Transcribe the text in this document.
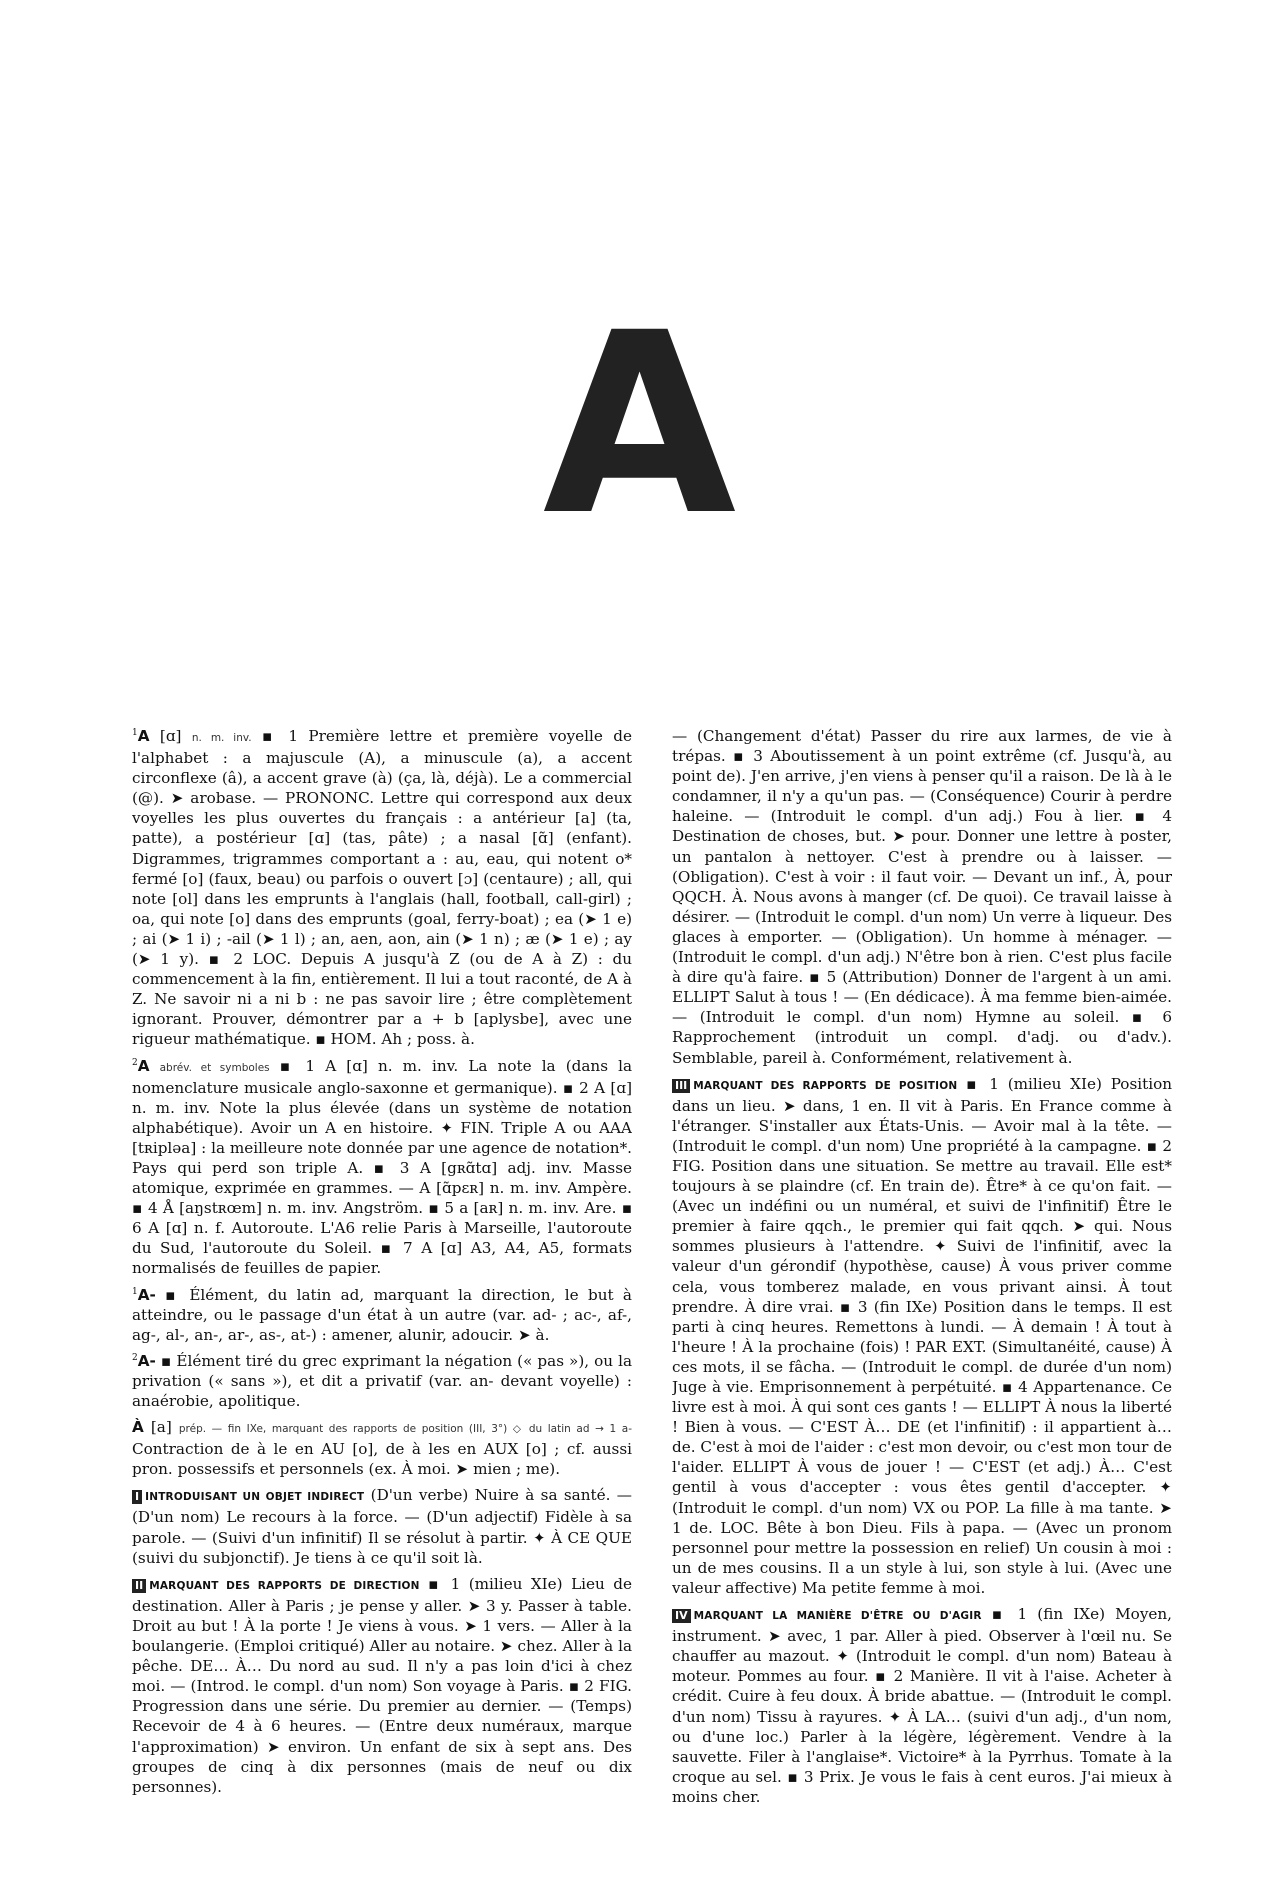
A
$^1$A [ɑ] n. m. inv. ▪ 1 Première lettre et première voyelle de l'alphabet : a majuscule (A), a minuscule (a), a accent circonflexe (â), a accent grave (à) (ça, là, déjà). Le a commercial (@). ➤ arobase. — PRONONC. Lettre qui correspond aux deux voyelles les plus ouvertes du français : a antérieur [a] (ta, patte), a postérieur [ɑ] (tas, pâte) ; a nasal [ɑ̃] (enfant). Digrammes, trigrammes comportant a : au, eau, qui notent o* fermé [o] (faux, beau) ou parfois o ouvert [ɔ] (centaure) ; all, qui note [ol] dans les emprunts à l'anglais (hall, football, call-girl) ; oa, qui note [o] dans des emprunts (goal, ferry-boat) ; ea (➤ 1 e) ; ai (➤ 1 i) ; -ail (➤ 1 l) ; an, aen, aon, ain (➤ 1 n) ; æ (➤ 1 e) ; ay (➤ 1 y). ▪ 2 LOC. Depuis A jusqu'à Z (ou de A à Z) : du commencement à la fin, entièrement. Il lui a tout raconté, de A à Z. Ne savoir ni a ni b : ne pas savoir lire ; être complètement ignorant. Prouver, démontrer par a + b [aplysbe], avec une rigueur mathématique. ▪ HOM. Ah ; poss. à.
$^2$A abrév. et symboles ▪ 1 A [ɑ] n. m. inv. La note la (dans la nomenclature musicale anglo-saxonne et germanique). ▪ 2 A [ɑ] n. m. inv. Note la plus élevée (dans un système de notation alphabétique). Avoir un A en histoire. ✦ FIN. Triple A ou AAA [tʀipləa] : la meilleure note donnée par une agence de notation*. Pays qui perd son triple A. ▪ 3 A [gʀɑ̃tɑ] adj. inv. Masse atomique, exprimée en grammes. — A [ɑ̃pɛʀ] n. m. inv. Ampère. ▪ 4 Å [aŋstʀœm] n. m. inv. Angström. ▪ 5 a [aʀ] n. m. inv. Are. ▪ 6 A [ɑ] n. f. Autoroute. L'A6 relie Paris à Marseille, l'autoroute du Sud, l'autoroute du Soleil. ▪ 7 A [ɑ] A3, A4, A5, formats normalisés de feuilles de papier.
$^1$A- ▪ Élément, du latin ad, marquant la direction, le but à atteindre, ou le passage d'un état à un autre (var. ad- ; ac-, af-, ag-, al-, an-, ar-, as-, at-) : amener, alunir, adoucir. ➤ à.
$^2$A- ▪ Élément tiré du grec exprimant la négation (« pas »), ou la privation (« sans »), et dit a privatif (var. an- devant voyelle) : anaérobie, apolitique.
À [a] prép. — fin IXe, marquant des rapports de position (III, 3°) ◇ du latin ad → 1 a- Contraction de à le en AU [o], de à les en AUX [o] ; cf. aussi pron. possessifs et personnels (ex. À moi. ➤ mien ; me).
I INTRODUISANT UN OBJET INDIRECT (D'un verbe) Nuire à sa santé. — (D'un nom) Le recours à la force. — (D'un adjectif) Fidèle à sa parole. — (Suivi d'un infinitif) Il se résolut à partir. ✦ À CE QUE (suivi du subjonctif). Je tiens à ce qu'il soit là.
II MARQUANT DES RAPPORTS DE DIRECTION ▪ 1 (milieu XIe) Lieu de destination. Aller à Paris ; je pense y aller. ➤ 3 y. Passer à table. Droit au but ! À la porte ! Je viens à vous. ➤ 1 vers. — Aller à la boulangerie. (Emploi critiqué) Aller au notaire. ➤ chez. Aller à la pêche. DE… À… Du nord au sud. Il n'y a pas loin d'ici à chez moi. — (Introd. le compl. d'un nom) Son voyage à Paris. ▪ 2 FIG. Progression dans une série. Du premier au dernier. — (Temps) Recevoir de 4 à 6 heures. — (Entre deux numéraux, marque l'approximation) ➤ environ. Un enfant de six à sept ans. Des groupes de cinq à dix personnes (mais de neuf ou dix personnes).
— (Changement d'état) Passer du rire aux larmes, de vie à trépas. ▪ 3 Aboutissement à un point extrême (cf. Jusqu'à, au point de). J'en arrive, j'en viens à penser qu'il a raison. De là à le condamner, il n'y a qu'un pas. — (Conséquence) Courir à perdre haleine. — (Introduit le compl. d'un adj.) Fou à lier. ▪ 4 Destination de choses, but. ➤ pour. Donner une lettre à poster, un pantalon à nettoyer. C'est à prendre ou à laisser. — (Obligation). C'est à voir : il faut voir. — Devant un inf., À, pour QQCH. À. Nous avons à manger (cf. De quoi). Ce travail laisse à désirer. — (Introduit le compl. d'un nom) Un verre à liqueur. Des glaces à emporter. — (Obligation). Un homme à ménager. — (Introduit le compl. d'un adj.) N'être bon à rien. C'est plus facile à dire qu'à faire. ▪ 5 (Attribution) Donner de l'argent à un ami. ELLIPT Salut à tous ! — (En dédicace). À ma femme bien-aimée. — (Introduit le compl. d'un nom) Hymne au soleil. ▪ 6 Rapprochement (introduit un compl. d'adj. ou d'adv.). Semblable, pareil à. Conformément, relativement à.
III MARQUANT DES RAPPORTS DE POSITION ▪ 1 (milieu XIe) Position dans un lieu. ➤ dans, 1 en. Il vit à Paris. En France comme à l'étranger. S'installer aux États-Unis. — Avoir mal à la tête. — (Introduit le compl. d'un nom) Une propriété à la campagne. ▪ 2 FIG. Position dans une situation. Se mettre au travail. Elle est* toujours à se plaindre (cf. En train de). Être* à ce qu'on fait. — (Avec un indéfini ou un numéral, et suivi de l'infinitif) Être le premier à faire qqch., le premier qui fait qqch. ➤ qui. Nous sommes plusieurs à l'attendre. ✦ Suivi de l'infinitif, avec la valeur d'un gérondif (hypothèse, cause) À vous priver comme cela, vous tomberez malade, en vous privant ainsi. À tout prendre. À dire vrai. ▪ 3 (fin IXe) Position dans le temps. Il est parti à cinq heures. Remettons à lundi. — À demain ! À tout à l'heure ! À la prochaine (fois) ! PAR EXT. (Simultanéité, cause) À ces mots, il se fâcha. — (Introduit le compl. de durée d'un nom) Juge à vie. Emprisonnement à perpétuité. ▪ 4 Appartenance. Ce livre est à moi. À qui sont ces gants ! — ELLIPT À nous la liberté ! Bien à vous. — C'EST À… DE (et l'infinitif) : il appartient à… de. C'est à moi de l'aider : c'est mon devoir, ou c'est mon tour de l'aider. ELLIPT À vous de jouer ! — C'EST (et adj.) À… C'est gentil à vous d'accepter : vous êtes gentil d'accepter. ✦ (Introduit le compl. d'un nom) VX ou POP. La fille à ma tante. ➤ 1 de. LOC. Bête à bon Dieu. Fils à papa. — (Avec un pronom personnel pour mettre la possession en relief) Un cousin à moi : un de mes cousins. Il a un style à lui, son style à lui. (Avec une valeur affective) Ma petite femme à moi.
IV MARQUANT LA MANIÈRE D'ÊTRE OU D'AGIR ▪ 1 (fin IXe) Moyen, instrument. ➤ avec, 1 par. Aller à pied. Observer à l'œil nu. Se chauffer au mazout. ✦ (Introduit le compl. d'un nom) Bateau à moteur. Pommes au four. ▪ 2 Manière. Il vit à l'aise. Acheter à crédit. Cuire à feu doux. À bride abattue. — (Introduit le compl. d'un nom) Tissu à rayures. ✦ À LA… (suivi d'un adj., d'un nom, ou d'une loc.) Parler à la légère, légèrement. Vendre à la sauvette. Filer à l'anglaise*. Victoire* à la Pyrrhus. Tomate à la croque au sel. ▪ 3 Prix. Je vous le fais à cent euros. J'ai mieux à moins cher.
